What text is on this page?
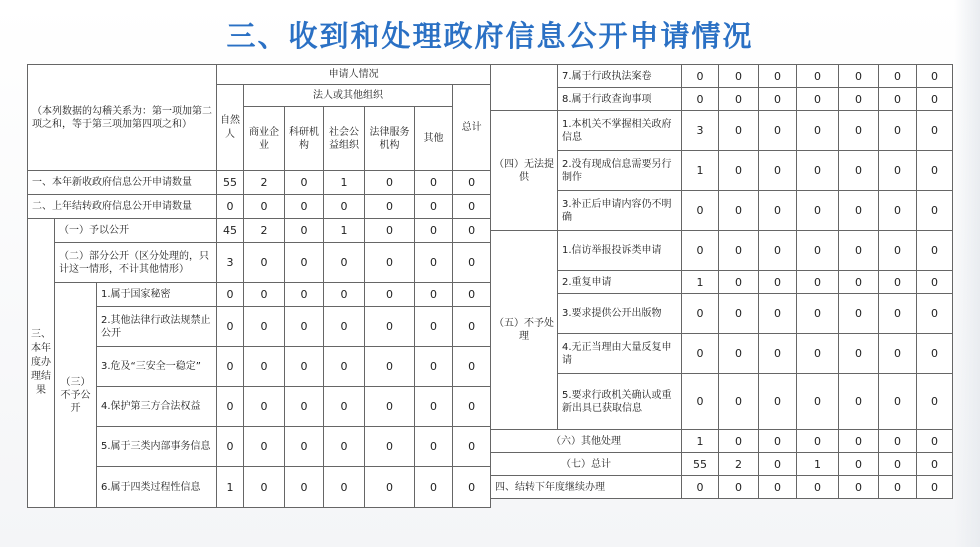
三、收到和处理政府信息公开申请情况
（本列数据的勾稽关系为：第一项加第二项之和，等于第三项加第四项之和）			申请人情况						
			自然人	法人或其他组织					总计
				商业企业	科研机构	社会公益组织	法律服务机构	其他	
一、本年新收政府信息公开申请数量			55	2	0	1	0	0	0
二、上年结转政府信息公开申请数量			0	0	0	0	0	0	0
三、本年度办理结果	（一）予以公开		45	2	0	1	0	0	0
	（二）部分公开（区分处理的，只计这一情形，不计其他情形）		3	0	0	0	0	0	0
	（三）不予公开	1.属于国家秘密	0	0	0	0	0	0	0
		2.其他法律行政法规禁止公开	0	0	0	0	0	0	0
		3.危及“三安全一稳定”	0	0	0	0	0	0	0
		4.保护第三方合法权益	0	0	0	0	0	0	0
		5.属于三类内部事务信息	0	0	0	0	0	0	0
		6.属于四类过程性信息	1	0	0	0	0	0	0
	7.属于行政执法案卷	0	0	0	0	0	0	0
	8.属于行政查询事项	0	0	0	0	0	0	0
（四）无法提供	1.本机关不掌握相关政府信息	3	0	0	0	0	0	0
	2.没有现成信息需要另行制作	1	0	0	0	0	0	0
	3.补正后申请内容仍不明确	0	0	0	0	0	0	0
（五）不予处理	1.信访举报投诉类申请	0	0	0	0	0	0	0
	2.重复申请	1	0	0	0	0	0	0
	3.要求提供公开出版物	0	0	0	0	0	0	0
	4.无正当理由大量反复申请	0	0	0	0	0	0	0
	5.要求行政机关确认或重新出具已获取信息	0	0	0	0	0	0	0
（六）其他处理		1	0	0	0	0	0	0
（七）总计		55	2	0	1	0	0	0
四、结转下年度继续办理		0	0	0	0	0	0	0
